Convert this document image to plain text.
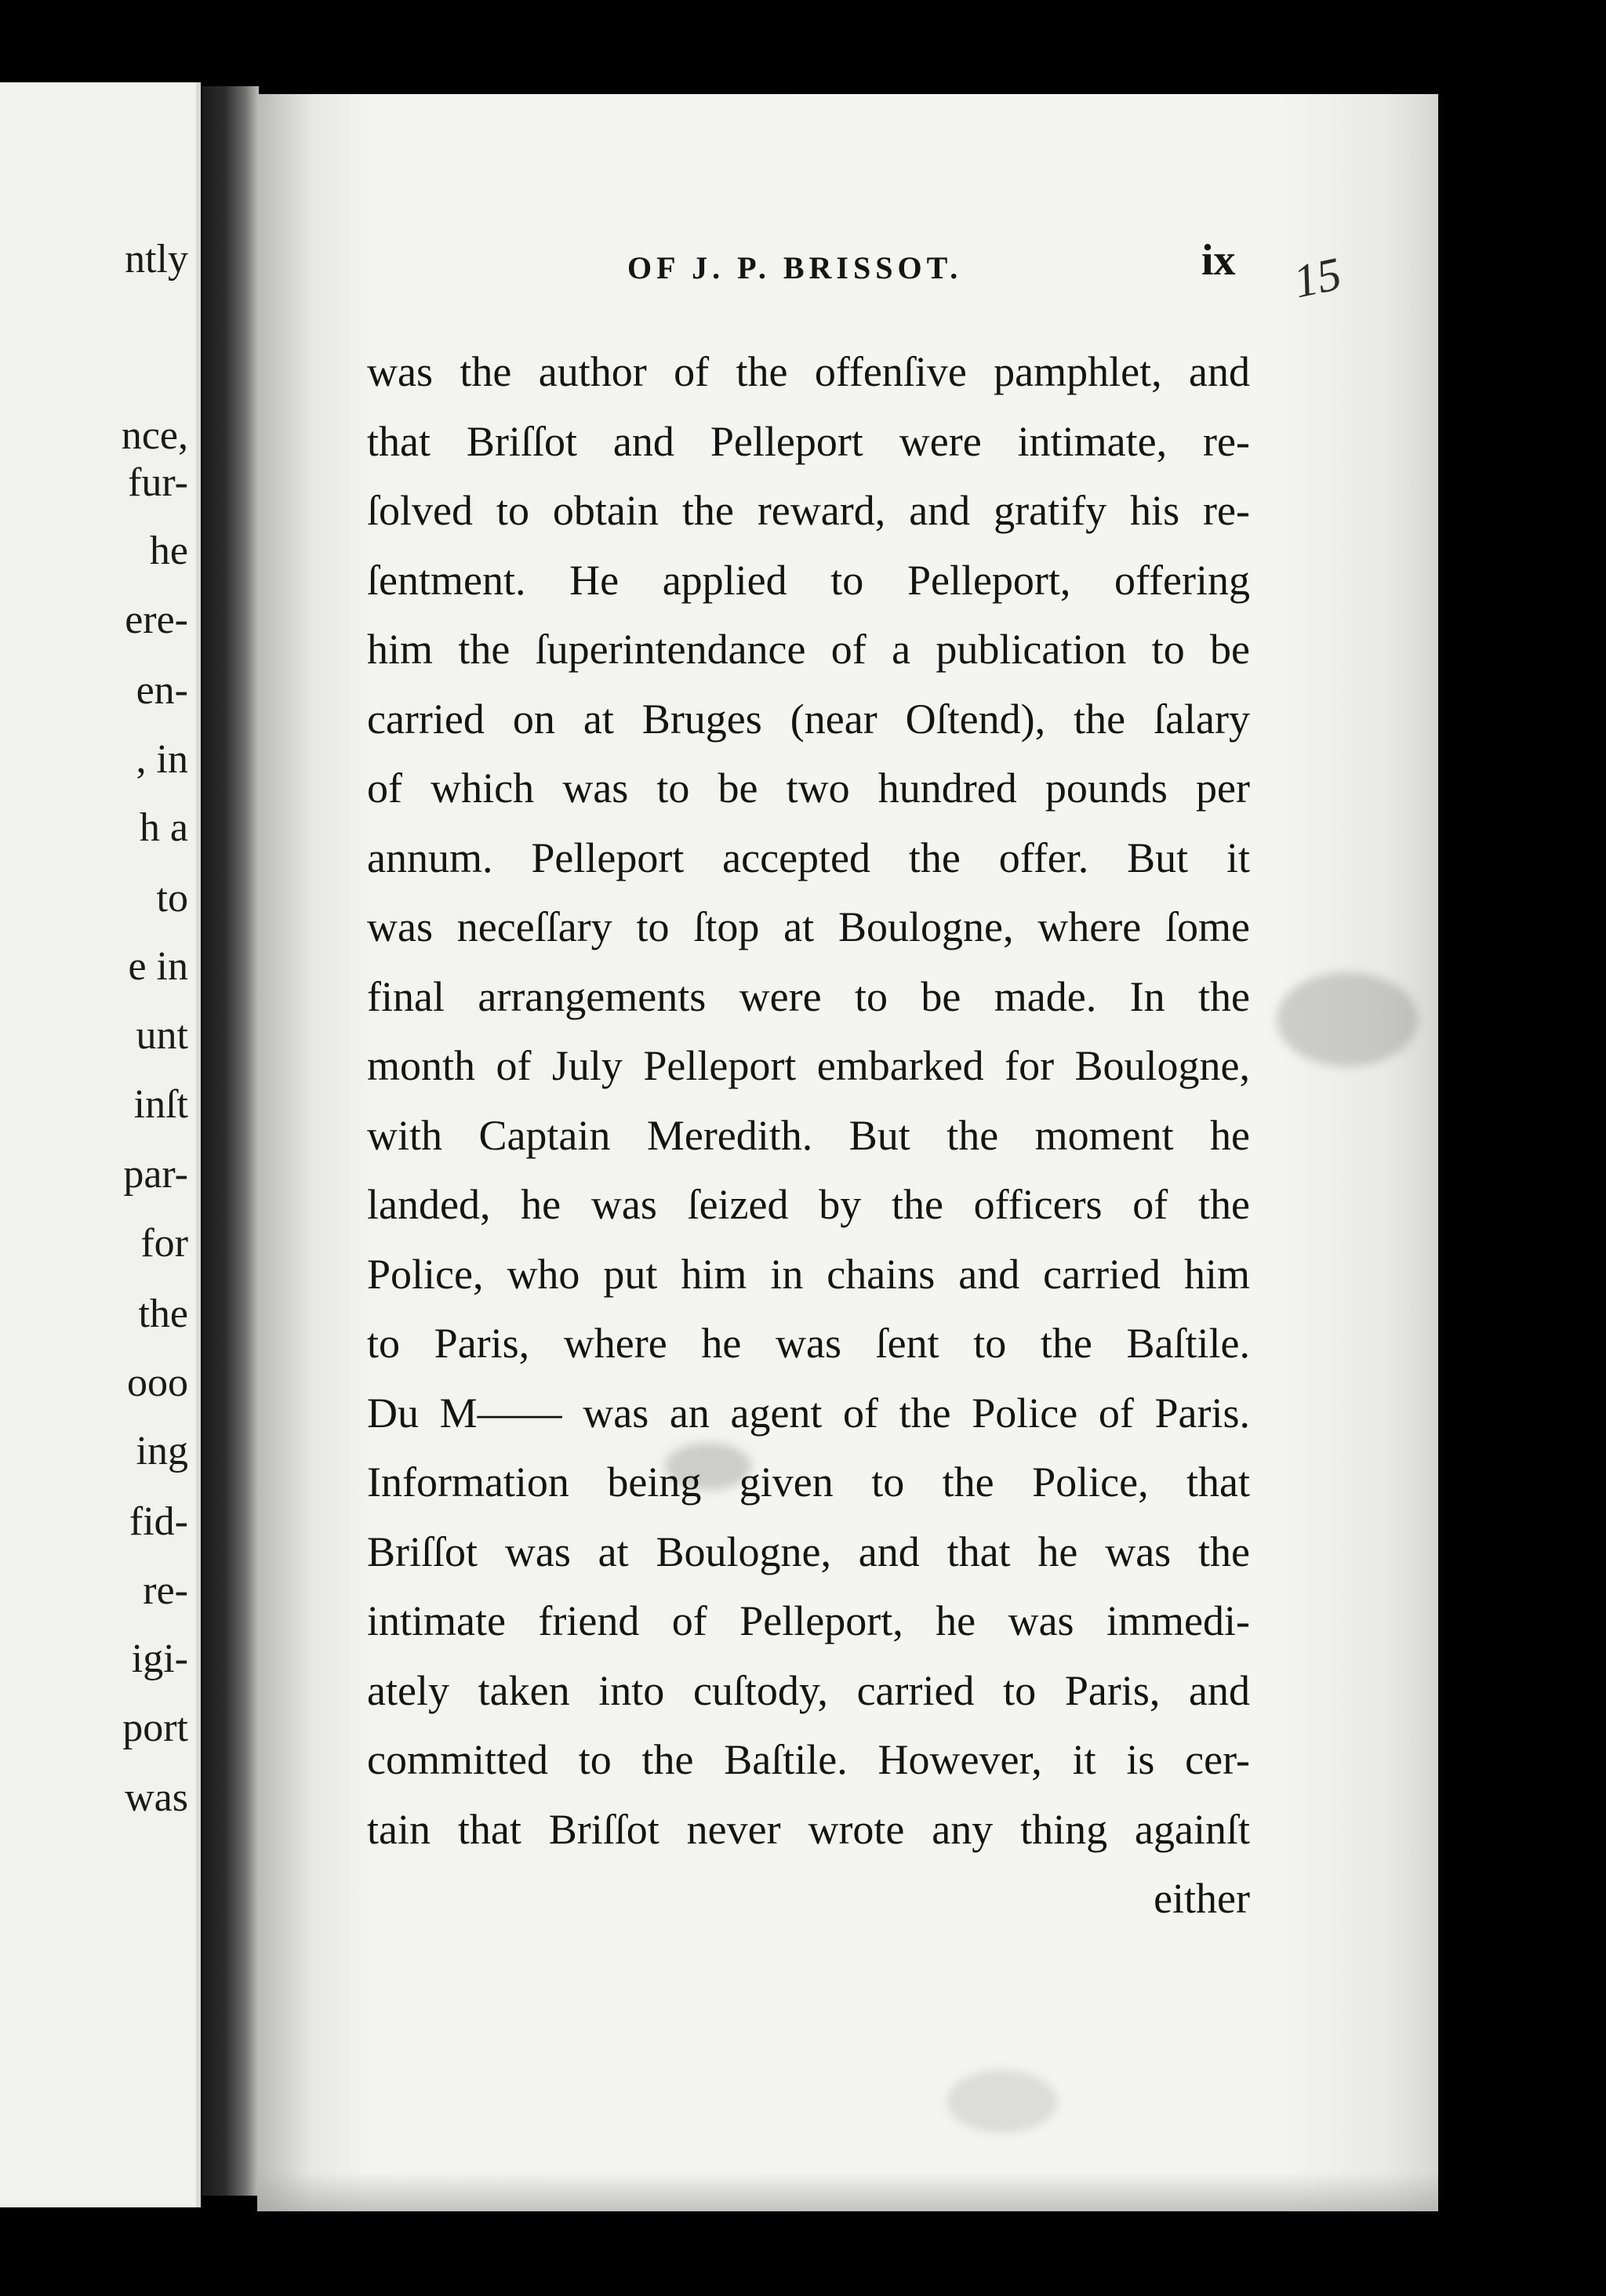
ntly
nce,
fur-
he
ere-
en-
, in
h a
to
e in
unt
inſt
par-
for
the
ooo
ing
fid-
re-
igi-
port
was
OF J. P. BRISSOT.	ix 15
was the author of the offenſive pamphlet, and
that Briſſot and Pelleport were intimate, re-
ſolved to obtain the reward, and gratify his re-
ſentment. He applied to Pelleport, offering
him the ſuperintendance of a publication to be
carried on at Bruges (near Oſtend), the ſalary
of which was to be two hundred pounds per
annum. Pelleport accepted the offer. But it
was neceſſary to ſtop at Boulogne, where ſome
final arrangements were to be made. In the
month of July Pelleport embarked for Boulogne,
with Captain Meredith. But the moment he
landed, he was ſeized by the officers of the
Police, who put him in chains and carried him
to Paris, where he was ſent to the Baſtile.
Du M—— was an agent of the Police of Paris.
Information being given to the Police, that
Briſſot was at Boulogne, and that he was the
intimate friend of Pelleport, he was immedi-
ately taken into cuſtody, carried to Paris, and
committed to the Baſtile. However, it is cer-
tain that Briſſot never wrote any thing againſt
either
